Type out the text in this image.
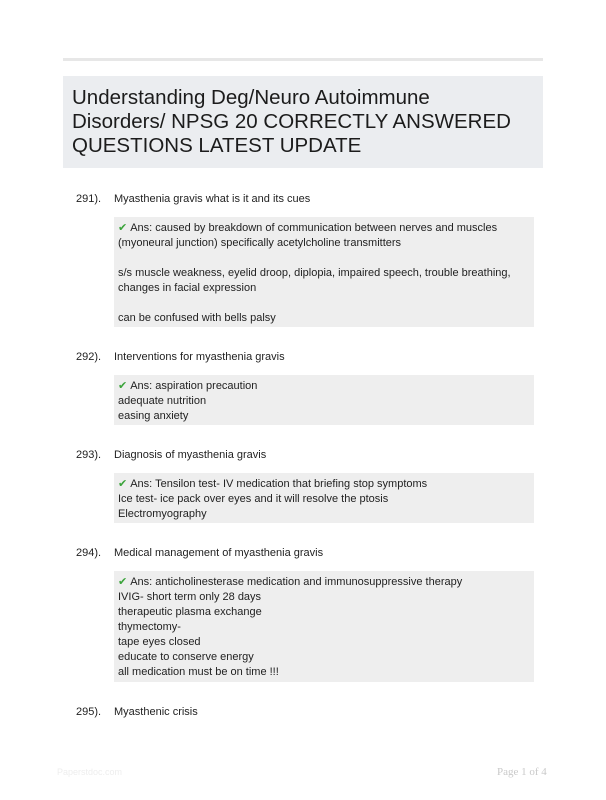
Understanding Deg/Neuro Autoimmune
Disorders/ NPSG 20 CORRECTLY ANSWERED
QUESTIONS LATEST UPDATE
291). Myasthenia gravis what is it and its cues
✔ Ans: caused by breakdown of communication between nerves and muscles
(myoneural junction) specifically acetylcholine transmitters
s/s muscle weakness, eyelid droop, diplopia, impaired speech, trouble breathing,
changes in facial expression
can be confused with bells palsy
292). Interventions for myasthenia gravis
✔ Ans: aspiration precaution
adequate nutrition
easing anxiety
293). Diagnosis of myasthenia gravis
✔ Ans: Tensilon test- IV medication that briefing stop symptoms
Ice test- ice pack over eyes and it will resolve the ptosis
Electromyography
294). Medical management of myasthenia gravis
✔ Ans: anticholinesterase medication and immunosuppressive therapy
IVIG- short term only 28 days
therapeutic plasma exchange
thymectomy-
tape eyes closed
educate to conserve energy
all medication must be on time !!!
295). Myasthenic crisis
Paperstdoc.com	Page 1 of 4
